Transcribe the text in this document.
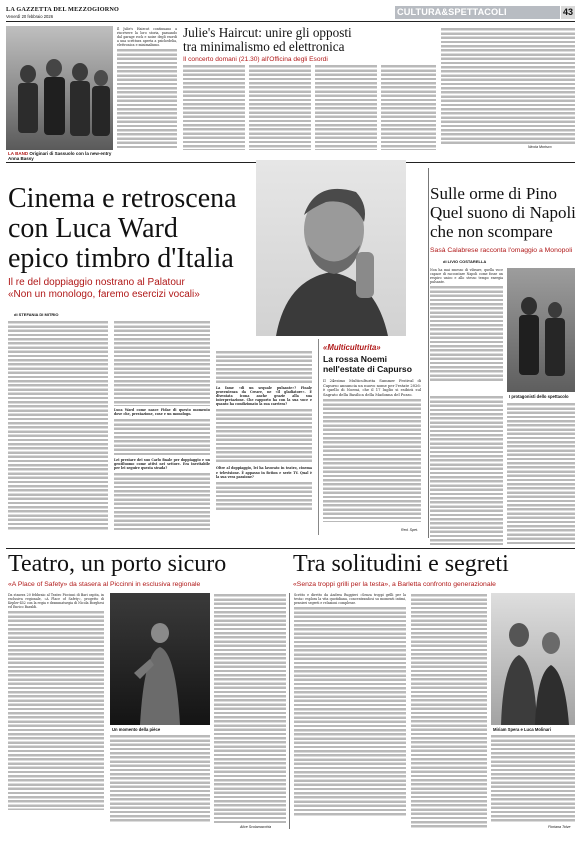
LA GAZZETTA DEL MEZZOGIORNO
Venerdì 20 febbraio 2026	CULTURA&SPETTACOLI	43
LA BAND Originari di Sassuolo con la new-entry Anna Bassy
Il Julie's Haircut continuano a riscrivere la loro storia, passando dal garage rock e noise degli esordi a una scrittura aperta a psichedelia, elettronica e minimalismo.
Julie's Haircut: unire gli opposti
tra minimalismo ed elettronica
Il concerto domani (21.30) all'Officina degli Esordi
Nicola Morisco
Cinema e retroscena
con Luca Ward
epico timbro d'Italia
Il re del doppiaggio nostrano al Palatour
«Non un monologo, faremo esercizi vocali»
di STEFANIA DI MITRIO
Luca Ward come nasce Fidae di questo momento dove che, prestazione, cose e un monologo.
Lei prestare dei suo Carlo finale per doppiaggio e un gentiluomo come attivi nei settore. Era inevitabile per lei seguire questa strada?
La fame «di un sequale pulsante»? Finale provenienza da Creare, ne «Il gladiatore». È diventata icona anche grazie alla sua interpretazione. Che rapporto ha con la sua voce e quanto ha condizionato la sua carriera?
Oltre al doppiaggio, lei ha lavorato in teatro, cinema e televisione. È appasso in fiction e serie TV. Qual è la sua vera passione?
«Multiculturita»
La rossa Noemi
nell'estate di Capurso
Il 24esimo Multiculturita Summer Festival di Capurso annuncia un nuovo nome per l'estate 2026: è quello di Noemi, che il 17 luglio si esibirà sul Sagrato della Basilica della Madonna del Pozzo.
Red. Spet.
Sulle orme di Pino
Quel suono di Napoli
che non scompare
Sasà Calabrese racconta l'omaggio a Monopoli
di LIVIO COSTARELLA
Non ha mai smesso di vibrare, quella voce capace di raccontare Napoli come fosse un respiro unico e allo stesso tempo energia pulsante.
I protagonisti dello spettacolo
Teatro, un porto sicuro
«A Place of Safety» da stasera al Piccinni in esclusiva regionale
Tra solitudini e segreti
«Senza troppi grilli per la testa», a Barletta confronto generazionale
Da stasera 20 febbraio al Teatro Piccinni di Bari ospita, in esclusiva regionale, «A Place of Safety», progetto di Kepler-452 con la regia e drammaturgia di Nicola Borghesi ed Enrico Baraldi.
Un momento della pièce
Alice Scolamacchia
Scritto e diretto da Andrea Ruggieri «Senza troppi grilli per la testa» esplora la vita quotidiana, concentrandosi su momenti intimi, pensieri segreti e relazioni complesse.
Miriam Spera e Luca Molinari
Floriana Tolve
